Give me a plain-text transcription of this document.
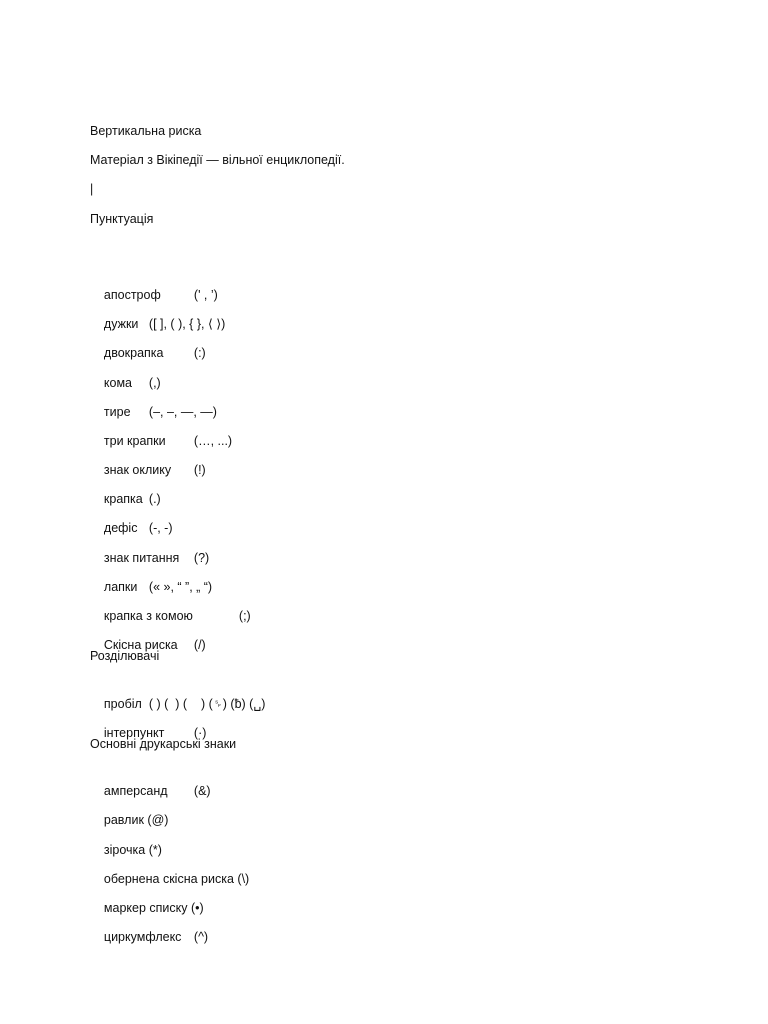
Вертикальна риска
Матеріал з Вікіпедії — вільної енциклопедії.
|
Пунктуація

апостроф	(' , ’)

дужки ([ ], ( ), { }, ⟨ ⟩)

двокрапка (:)

кома (,)

тире (‒, –, —, ―)

три крапки (…, ...)

знак оклику (!)

крапка (.)

дефіс (‐, -)

знак питання (?)

лапки (« », “ ”, „ “)

крапка з комою	(;)

Скісна риска (/)

Розділювачі

пробіл ( ) (  ) (    ) (␠) (ƀ) (␣)

інтерпункт (·)

Основні друкарські знаки

амперсанд (&)

равлик (@)

зірочка (*)

обернена скісна риска (\)

маркер списку (•)

циркумфлекс (^)
